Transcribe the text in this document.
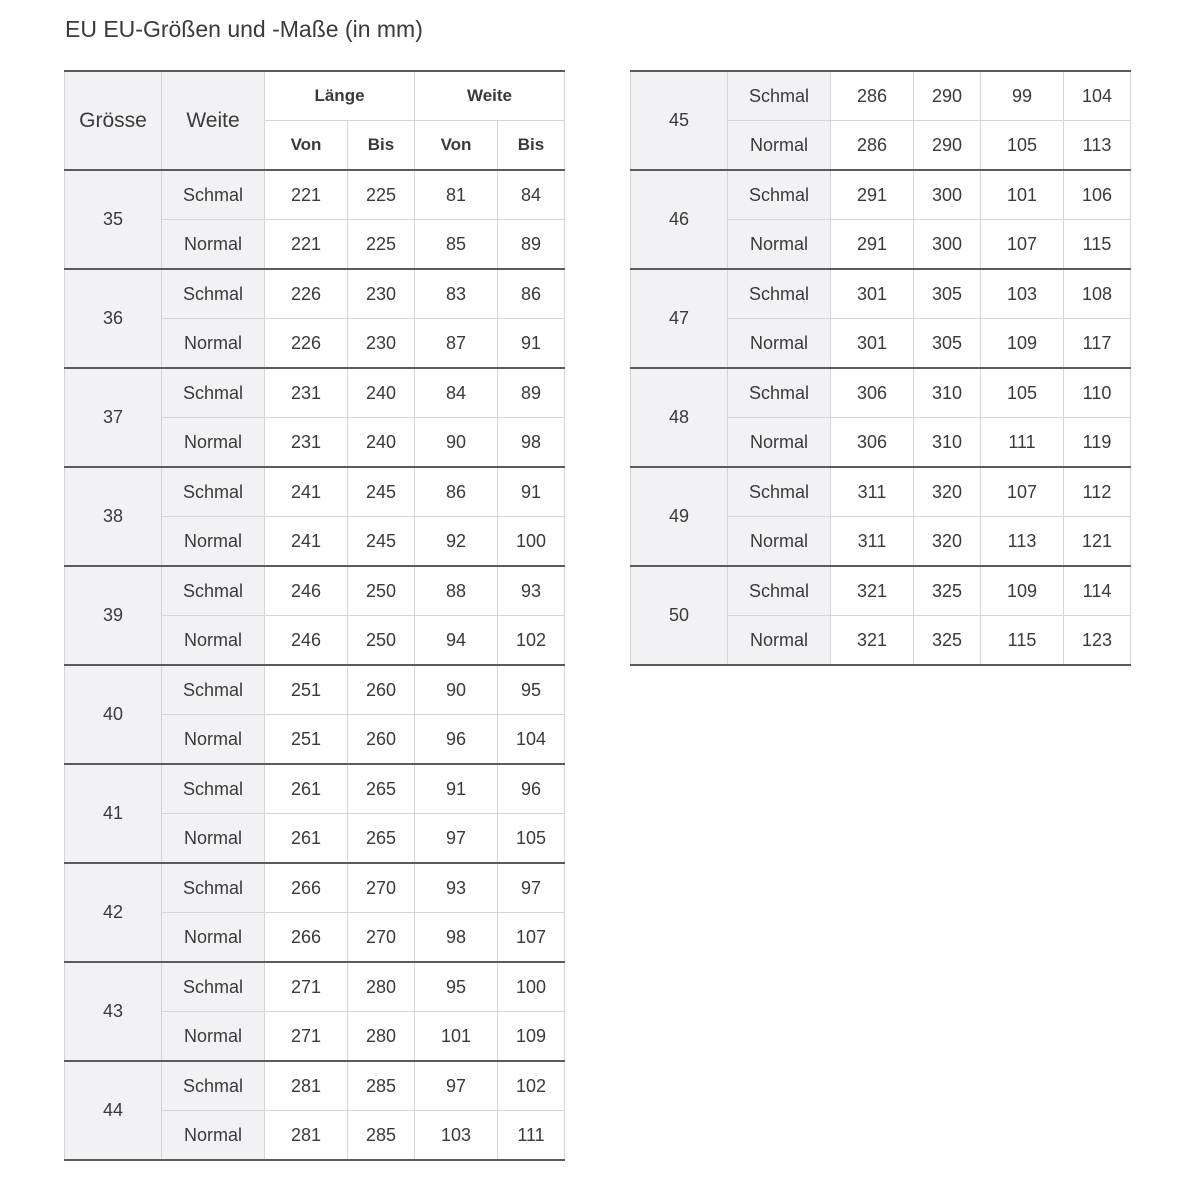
EU EU-Größen und -Maße (in mm)
Grösse	Weite	Länge		Weite	
		Von	Bis	Von	Bis
35	Schmal	221	225	81	84
	Normal	221	225	85	89
36	Schmal	226	230	83	86
	Normal	226	230	87	91
37	Schmal	231	240	84	89
	Normal	231	240	90	98
38	Schmal	241	245	86	91
	Normal	241	245	92	100
39	Schmal	246	250	88	93
	Normal	246	250	94	102
40	Schmal	251	260	90	95
	Normal	251	260	96	104
41	Schmal	261	265	91	96
	Normal	261	265	97	105
42	Schmal	266	270	93	97
	Normal	266	270	98	107
43	Schmal	271	280	95	100
	Normal	271	280	101	109
44	Schmal	281	285	97	102
	Normal	281	285	103	111
45	Schmal	286	290	99	104
	Normal	286	290	105	113
46	Schmal	291	300	101	106
	Normal	291	300	107	115
47	Schmal	301	305	103	108
	Normal	301	305	109	117
48	Schmal	306	310	105	110
	Normal	306	310	111	119
49	Schmal	311	320	107	112
	Normal	311	320	113	121
50	Schmal	321	325	109	114
	Normal	321	325	115	123
